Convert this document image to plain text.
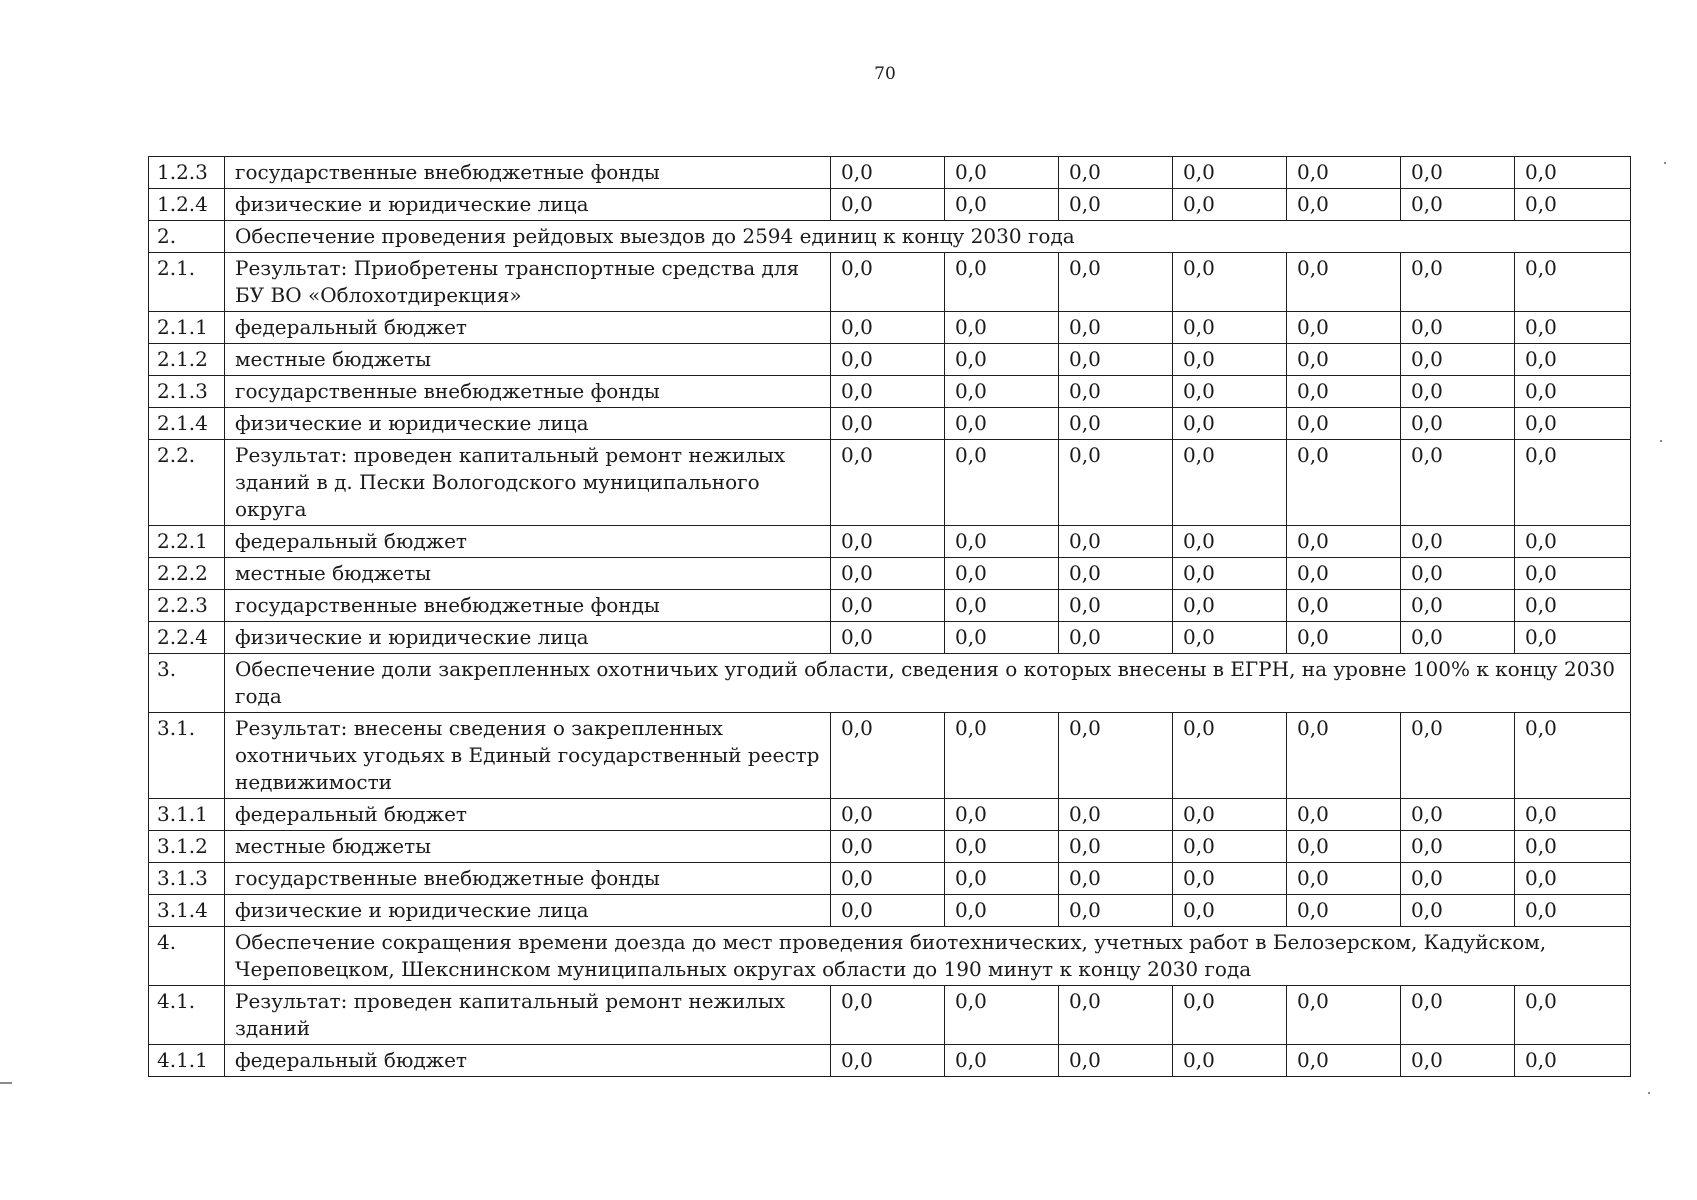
70
1.2.3	государственные внебюджетные фонды	0,0	0,0	0,0	0,0	0,0	0,0	0,0
1.2.4	физические и юридические лица	0,0	0,0	0,0	0,0	0,0	0,0	0,0
2.	Обеспечение проведения рейдовых выездов до 2594 единиц к концу 2030 года							
2.1.	Результат: Приобретены транспортные средства для БУ ВО «Облохотдирекция»	0,0	0,0	0,0	0,0	0,0	0,0	0,0
2.1.1	федеральный бюджет	0,0	0,0	0,0	0,0	0,0	0,0	0,0
2.1.2	местные бюджеты	0,0	0,0	0,0	0,0	0,0	0,0	0,0
2.1.3	государственные внебюджетные фонды	0,0	0,0	0,0	0,0	0,0	0,0	0,0
2.1.4	физические и юридические лица	0,0	0,0	0,0	0,0	0,0	0,0	0,0
2.2.	Результат: проведен капитальный ремонт нежилых зданий в д. Пески Вологодского муниципального округа	0,0	0,0	0,0	0,0	0,0	0,0	0,0
2.2.1	федеральный бюджет	0,0	0,0	0,0	0,0	0,0	0,0	0,0
2.2.2	местные бюджеты	0,0	0,0	0,0	0,0	0,0	0,0	0,0
2.2.3	государственные внебюджетные фонды	0,0	0,0	0,0	0,0	0,0	0,0	0,0
2.2.4	физические и юридические лица	0,0	0,0	0,0	0,0	0,0	0,0	0,0
3.	Обеспечение доли закрепленных охотничьих угодий области, сведения о которых внесены в ЕГРН, на уровне 100% к концу 2030 года							
3.1.	Результат: внесены сведения о закрепленных охотничьих угодьях в Единый государственный реестр недвижимости	0,0	0,0	0,0	0,0	0,0	0,0	0,0
3.1.1	федеральный бюджет	0,0	0,0	0,0	0,0	0,0	0,0	0,0
3.1.2	местные бюджеты	0,0	0,0	0,0	0,0	0,0	0,0	0,0
3.1.3	государственные внебюджетные фонды	0,0	0,0	0,0	0,0	0,0	0,0	0,0
3.1.4	физические и юридические лица	0,0	0,0	0,0	0,0	0,0	0,0	0,0
4.	Обеспечение сокращения времени доезда до мест проведения биотехнических, учетных работ в Белозерском, Кадуйском, Череповецком, Шекснинском муниципальных округах области до 190 минут к концу 2030 года							
4.1.	Результат: проведен капитальный ремонт нежилых зданий	0,0	0,0	0,0	0,0	0,0	0,0	0,0
4.1.1	федеральный бюджет	0,0	0,0	0,0	0,0	0,0	0,0	0,0
